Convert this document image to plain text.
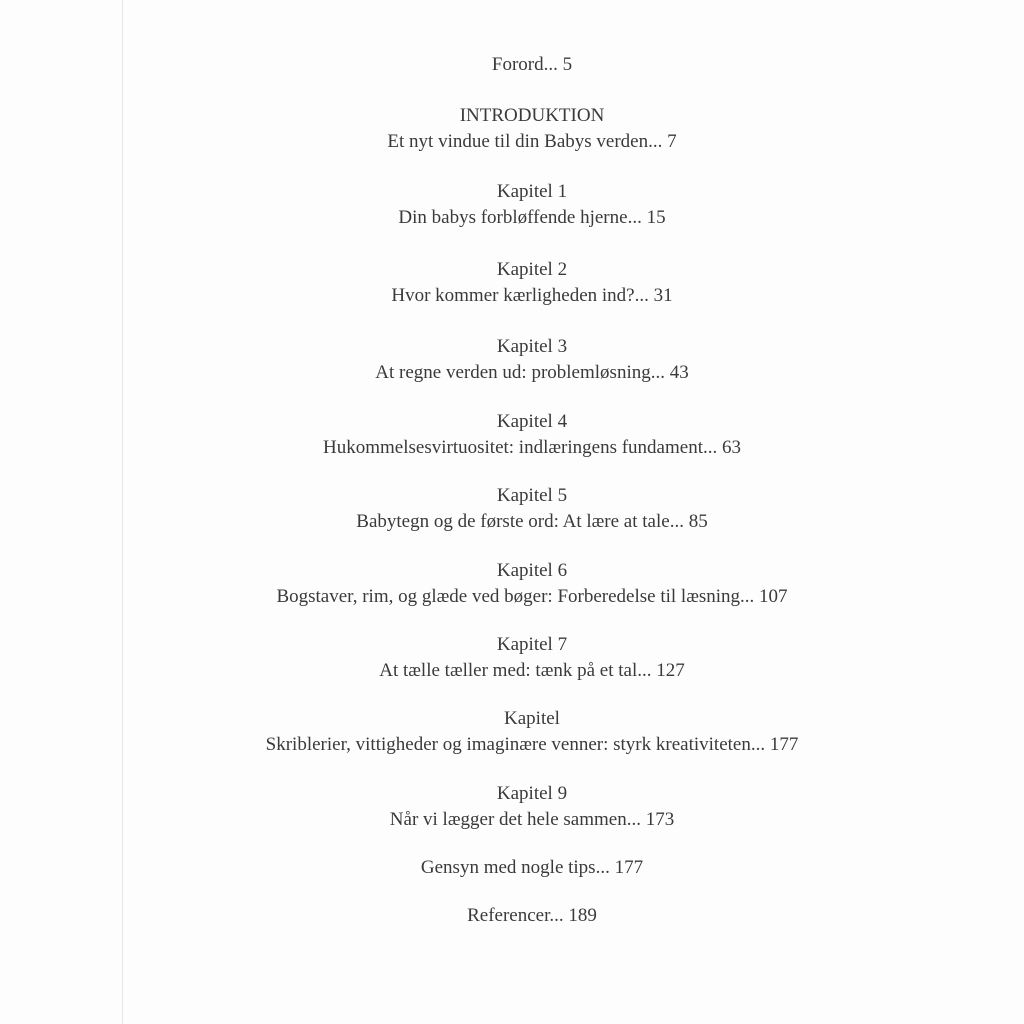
Forord... 5
INTRODUKTION
Et nyt vindue til din Babys verden... 7
Kapitel 1
Din babys forbløffende hjerne... 15
Kapitel 2
Hvor kommer kærligheden ind?... 31
Kapitel 3
At regne verden ud: problemløsning... 43
Kapitel 4
Hukommelsesvirtuositet: indlæringens fundament... 63
Kapitel 5
Babytegn og de første ord: At lære at tale... 85
Kapitel 6
Bogstaver, rim, og glæde ved bøger: Forberedelse til læsning... 107
Kapitel 7
At tælle tæller med: tænk på et tal... 127
Kapitel
Skriblerier, vittigheder og imaginære venner: styrk kreativiteten... 177
Kapitel 9
Når vi lægger det hele sammen... 173
Gensyn med nogle tips... 177
Referencer... 189
